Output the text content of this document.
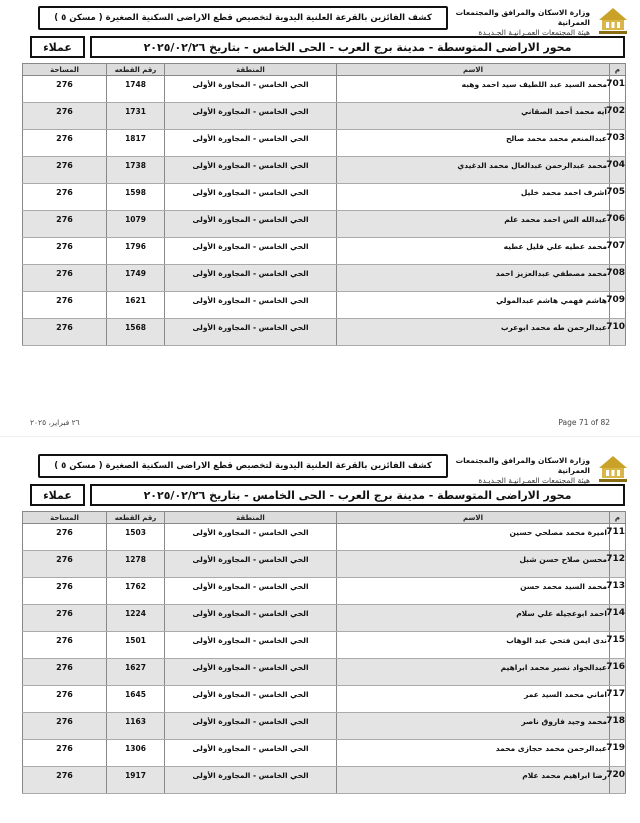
وزارة الاسكان والمرافق والمجتمعات العمرانية
هيئة المجتمعات العمـرانيـة الجـديـدة
كشف الفائزين بالقرعة العلنية اليدوية لتخصيص قطع الاراضى السكنية الصغيرة ( مسكن ٥ )
محور الاراضى المتوسطة - مدينة برج العرب - الحى الخامس - بتاريخ ٢٠٢٥/٠٢/٢٦
عملاء
م	الاسم	المنطقة	رقم القطعه	المساحة
701	محمد السيد عبد اللطيف سيد احمد وهبه	الحي الخامس - المجاورة الأولى	1748	276
702	آيه محمد أحمد الصقاني	الحي الخامس - المجاورة الأولى	1731	276
703	عبدالمنعم محمد محمد صالح	الحي الخامس - المجاورة الأولى	1817	276
704	محمد عبدالرحمن عبدالعال محمد الدغيدي	الحي الخامس - المجاورة الأولى	1738	276
705	اشرف احمد محمد خليل	الحي الخامس - المجاورة الأولى	1598	276
706	عبدالله الس احمد محمد علم	الحي الخامس - المجاورة الأولى	1079	276
707	محمد عطيه علي فليل عطيه	الحي الخامس - المجاورة الأولى	1796	276
708	محمد مصطفي عبدالعزيز احمد	الحي الخامس - المجاورة الأولى	1749	276
709	هاشم فهمي هاشم عبدالمولي	الحي الخامس - المجاورة الأولى	1621	276
710	عبدالرحمن طه محمد ابوعرب	الحي الخامس - المجاورة الأولى	1568	276
٢٦ فبراير، ٢٠٢٥	Page 71 of 82
وزارة الاسكان والمرافق والمجتمعات العمرانية
هيئة المجتمعات العمـرانيـة الجـديـدة
كشف الفائزين بالقرعة العلنية اليدوية لتخصيص قطع الاراضى السكنية الصغيرة ( مسكن ٥ )
محور الاراضى المتوسطة - مدينة برج العرب - الحى الخامس - بتاريخ ٢٠٢٥/٠٢/٢٦
عملاء
م	الاسم	المنطقة	رقم القطعه	المساحة
711	اميرة محمد مصلحي حسين	الحي الخامس - المجاورة الأولى	1503	276
712	محسن صلاح حسن شبل	الحي الخامس - المجاورة الأولى	1278	276
713	محمد السيد محمد حسن	الحي الخامس - المجاورة الأولى	1762	276
714	احمد ابوعجيله علي سلام	الحي الخامس - المجاورة الأولى	1224	276
715	ندى ايمن فتحي عبد الوهاب	الحي الخامس - المجاورة الأولى	1501	276
716	عبدالجواد نصير محمد ابراهيم	الحي الخامس - المجاورة الأولى	1627	276
717	اماني محمد السيد عمر	الحي الخامس - المجاورة الأولى	1645	276
718	محمد وجيد فاروق ناصر	الحي الخامس - المجاورة الأولى	1163	276
719	عبدالرحمن محمد حجازى محمد	الحي الخامس - المجاورة الأولى	1306	276
720	رضا ابراهيم محمد علام	الحي الخامس - المجاورة الأولى	1917	276
